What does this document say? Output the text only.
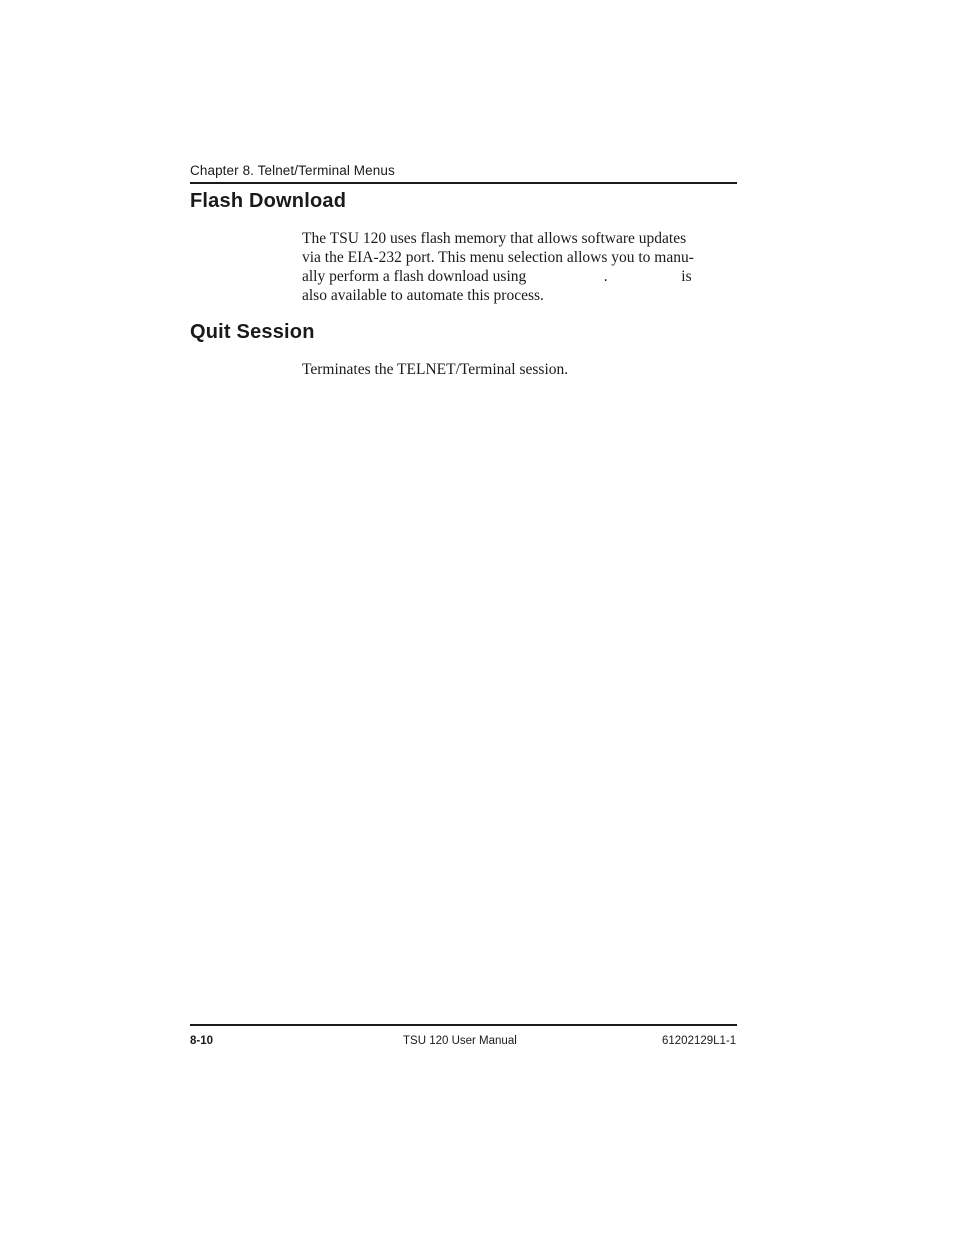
Chapter 8. Telnet/Terminal Menus
Flash Download

The TSU 120 uses flash memory that allows software updates
via the EIA-232 port. This menu selection allows you to manu-
ally perform a flash download using                    .                   is
also available to automate this process.

Quit Session

Terminates the TELNET/Terminal session.

8-10	TSU 120 User Manual	61202129L1-1
